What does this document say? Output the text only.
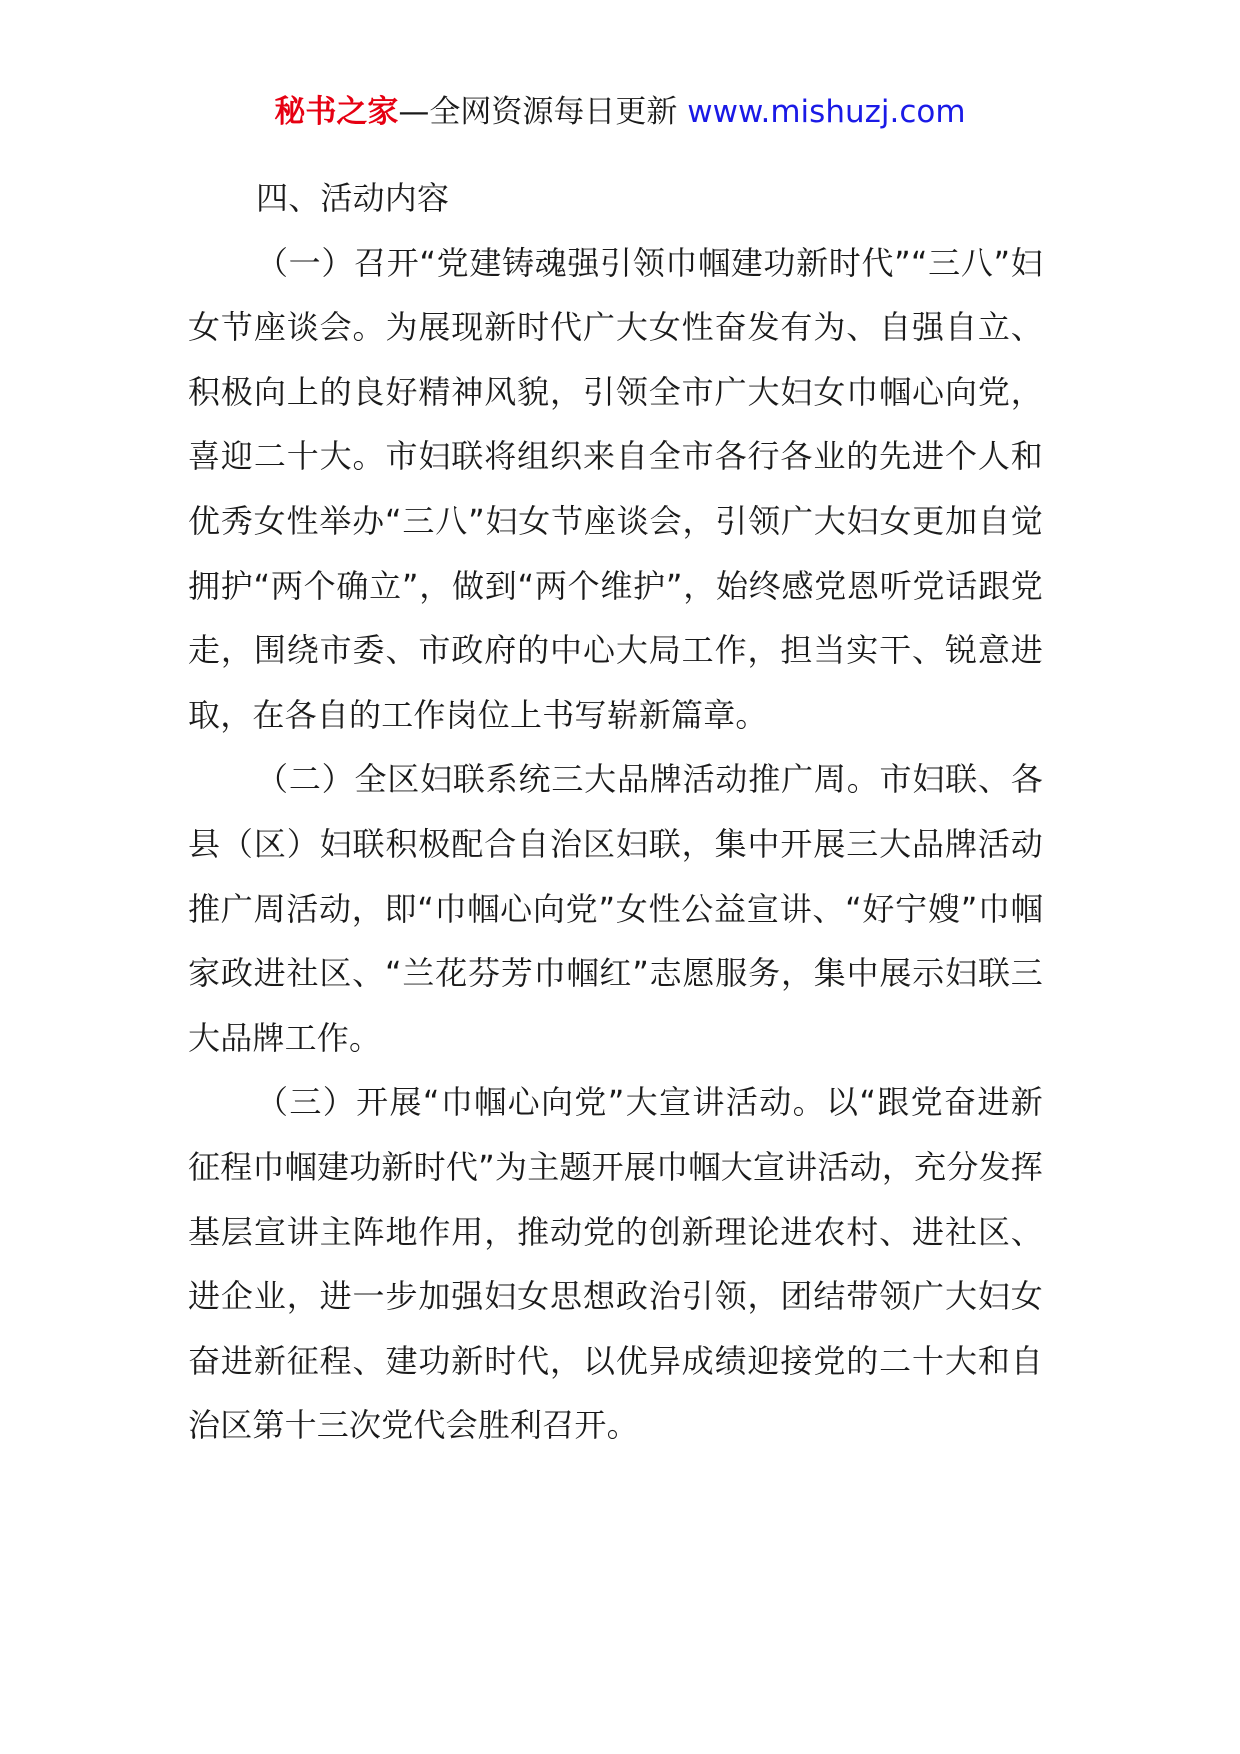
秘书之家—全网资源每日更新 www.mishuzj.com
四、活动内容

（一）召开“党建铸魂强引领巾帼建功新时代”“三八”妇女节座谈会。为展现新时代广大女性奋发有为、自强自立、积极向上的良好精神风貌，引领全市广大妇女巾帼心向党，喜迎二十大。市妇联将组织来自全市各行各业的先进个人和优秀女性举办“三八”妇女节座谈会，引领广大妇女更加自觉拥护“两个确立”，做到“两个维护”，始终感党恩听党话跟党走，围绕市委、市政府的中心大局工作，担当实干、锐意进取，在各自的工作岗位上书写崭新篇章。

（二）全区妇联系统三大品牌活动推广周。市妇联、各县（区）妇联积极配合自治区妇联，集中开展三大品牌活动推广周活动，即“巾帼心向党”女性公益宣讲、“好宁嫂”巾帼家政进社区、“兰花芬芳巾帼红”志愿服务，集中展示妇联三大品牌工作。

（三）开展“巾帼心向党”大宣讲活动。以“跟党奋进新征程巾帼建功新时代”为主题开展巾帼大宣讲活动，充分发挥基层宣讲主阵地作用，推动党的创新理论进农村、进社区、进企业，进一步加强妇女思想政治引领，团结带领广大妇女奋进新征程、建功新时代，以优异成绩迎接党的二十大和自治区第十三次党代会胜利召开。
